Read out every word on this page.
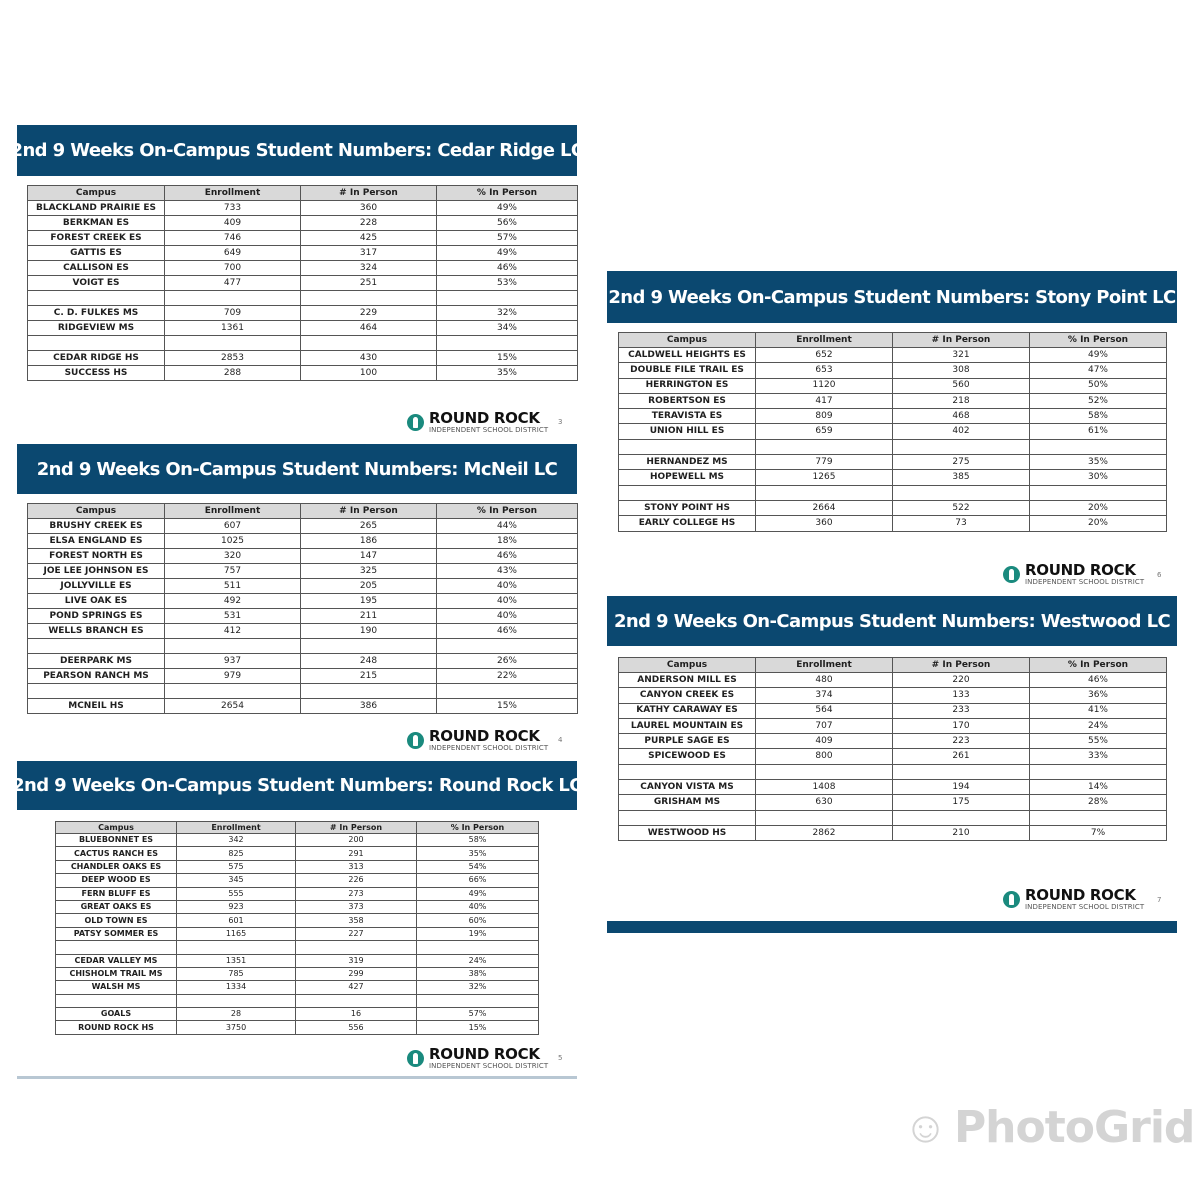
2nd 9 Weeks On-Campus Student Numbers: Cedar Ridge LC
Campus	Enrollment	# In Person	% In Person
BLACKLAND PRAIRIE ES	733	360	49%
BERKMAN ES	409	228	56%
FOREST CREEK ES	746	425	57%
GATTIS ES	649	317	49%
CALLISON ES	700	324	46%
VOIGT ES	477	251	53%

C. D. FULKES MS	709	229	32%
RIDGEVIEW MS	1361	464	34%

CEDAR RIDGE HS	2853	430	15%
SUCCESS HS	288	100	35%
ROUND ROCK
INDEPENDENT SCHOOL DISTRICT
3
2nd 9 Weeks On-Campus Student Numbers: McNeil LC
Campus	Enrollment	# In Person	% In Person
BRUSHY CREEK ES	607	265	44%
ELSA ENGLAND ES	1025	186	18%
FOREST NORTH ES	320	147	46%
JOE LEE JOHNSON ES	757	325	43%
JOLLYVILLE ES	511	205	40%
LIVE OAK ES	492	195	40%
POND SPRINGS ES	531	211	40%
WELLS BRANCH ES	412	190	46%

DEERPARK MS	937	248	26%
PEARSON RANCH MS	979	215	22%

MCNEIL HS	2654	386	15%
ROUND ROCK
INDEPENDENT SCHOOL DISTRICT
4
2nd 9 Weeks On-Campus Student Numbers: Round Rock LC
Campus	Enrollment	# In Person	% In Person
BLUEBONNET ES	342	200	58%
CACTUS RANCH ES	825	291	35%
CHANDLER OAKS ES	575	313	54%
DEEP WOOD ES	345	226	66%
FERN BLUFF ES	555	273	49%
GREAT OAKS ES	923	373	40%
OLD TOWN ES	601	358	60%
PATSY SOMMER ES	1165	227	19%

CEDAR VALLEY MS	1351	319	24%
CHISHOLM TRAIL MS	785	299	38%
WALSH MS	1334	427	32%

GOALS	28	16	57%
ROUND ROCK HS	3750	556	15%
ROUND ROCK
INDEPENDENT SCHOOL DISTRICT
5
2nd 9 Weeks On-Campus Student Numbers: Stony Point LC
Campus	Enrollment	# In Person	% In Person
CALDWELL HEIGHTS ES	652	321	49%
DOUBLE FILE TRAIL ES	653	308	47%
HERRINGTON ES	1120	560	50%
ROBERTSON ES	417	218	52%
TERAVISTA ES	809	468	58%
UNION HILL ES	659	402	61%

HERNANDEZ MS	779	275	35%
HOPEWELL MS	1265	385	30%

STONY POINT HS	2664	522	20%
EARLY COLLEGE HS	360	73	20%
ROUND ROCK
INDEPENDENT SCHOOL DISTRICT
6
2nd 9 Weeks On-Campus Student Numbers: Westwood LC
Campus	Enrollment	# In Person	% In Person
ANDERSON MILL ES	480	220	46%
CANYON CREEK ES	374	133	36%
KATHY CARAWAY ES	564	233	41%
LAUREL MOUNTAIN ES	707	170	24%
PURPLE SAGE ES	409	223	55%
SPICEWOOD ES	800	261	33%

CANYON VISTA MS	1408	194	14%
GRISHAM MS	630	175	28%

WESTWOOD HS	2862	210	7%
ROUND ROCK
INDEPENDENT SCHOOL DISTRICT
7
☺ PhotoGrid
